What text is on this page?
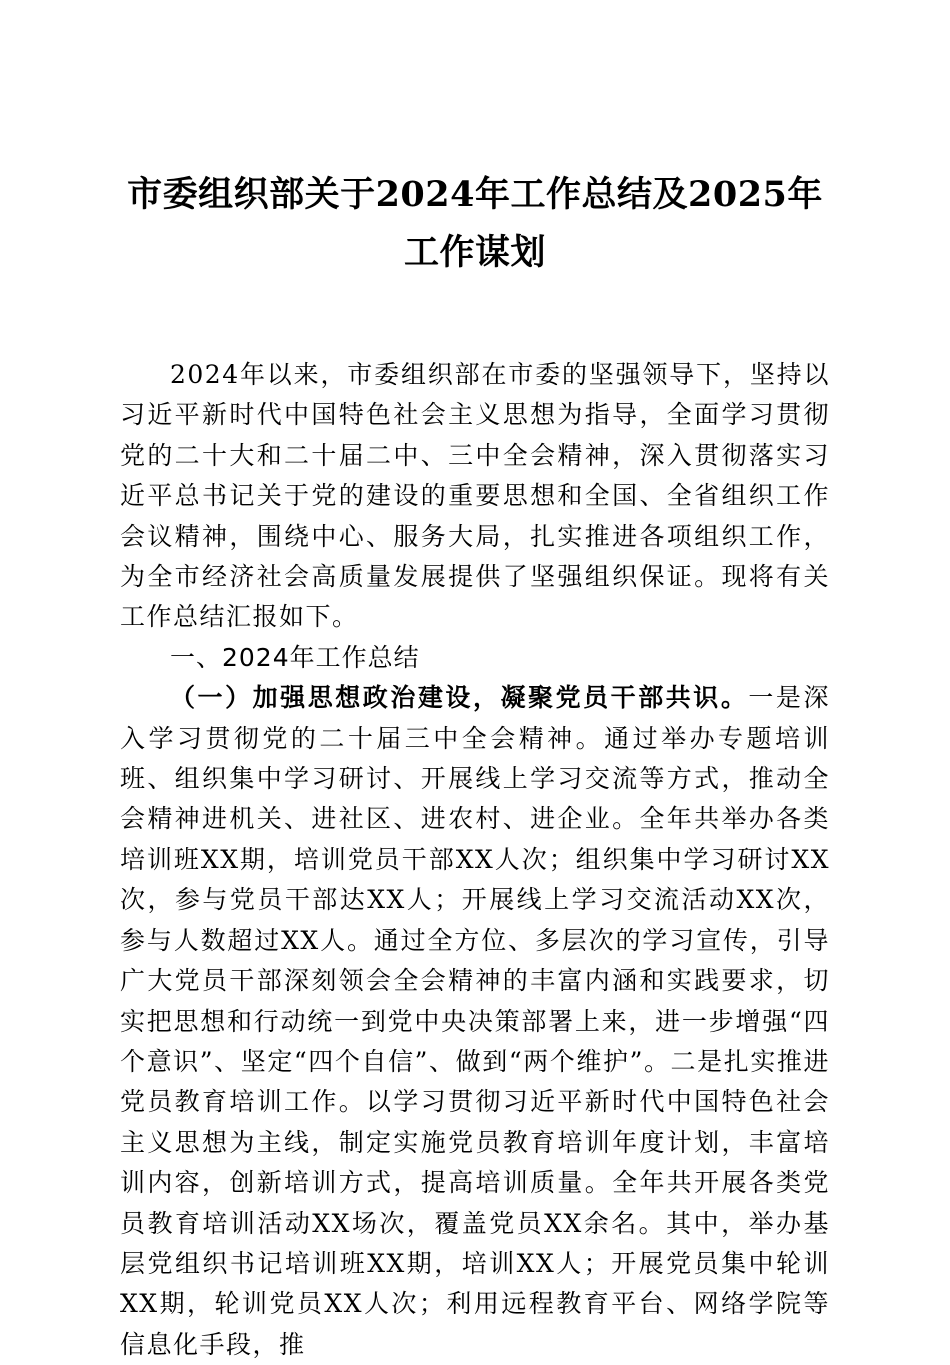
市委组织部关于2024年工作总结及2025年工作谋划

2024年以来，市委组织部在市委的坚强领导下，坚持以习近平新时代中国特色社会主义思想为指导，全面学习贯彻党的二十大和二十届二中、三中全会精神，深入贯彻落实习近平总书记关于党的建设的重要思想和全国、全省组织工作会议精神，围绕中心、服务大局，扎实推进各项组织工作，为全市经济社会高质量发展提供了坚强组织保证。现将有关工作总结汇报如下。

一、2024年工作总结

（一）加强思想政治建设，凝聚党员干部共识。一是深入学习贯彻党的二十届三中全会精神。通过举办专题培训班、组织集中学习研讨、开展线上学习交流等方式，推动全会精神进机关、进社区、进农村、进企业。全年共举办各类培训班XX期，培训党员干部XX人次；组织集中学习研讨XX次，参与党员干部达XX人；开展线上学习交流活动XX次，参与人数超过XX人。通过全方位、多层次的学习宣传，引导广大党员干部深刻领会全会精神的丰富内涵和实践要求，切实把思想和行动统一到党中央决策部署上来，进一步增强“四个意识”、坚定“四个自信”、做到“两个维护”。二是扎实推进党员教育培训工作。以学习贯彻习近平新时代中国特色社会主义思想为主线，制定实施党员教育培训年度计划，丰富培训内容，创新培训方式，提高培训质量。全年共开展各类党员教育培训活动XX场次，覆盖党员XX余名。其中，举办基层党组织书记培训班XX期，培训XX人；开展党员集中轮训XX期，轮训党员XX人次；利用远程教育平台、网络学院等信息化手段，推
